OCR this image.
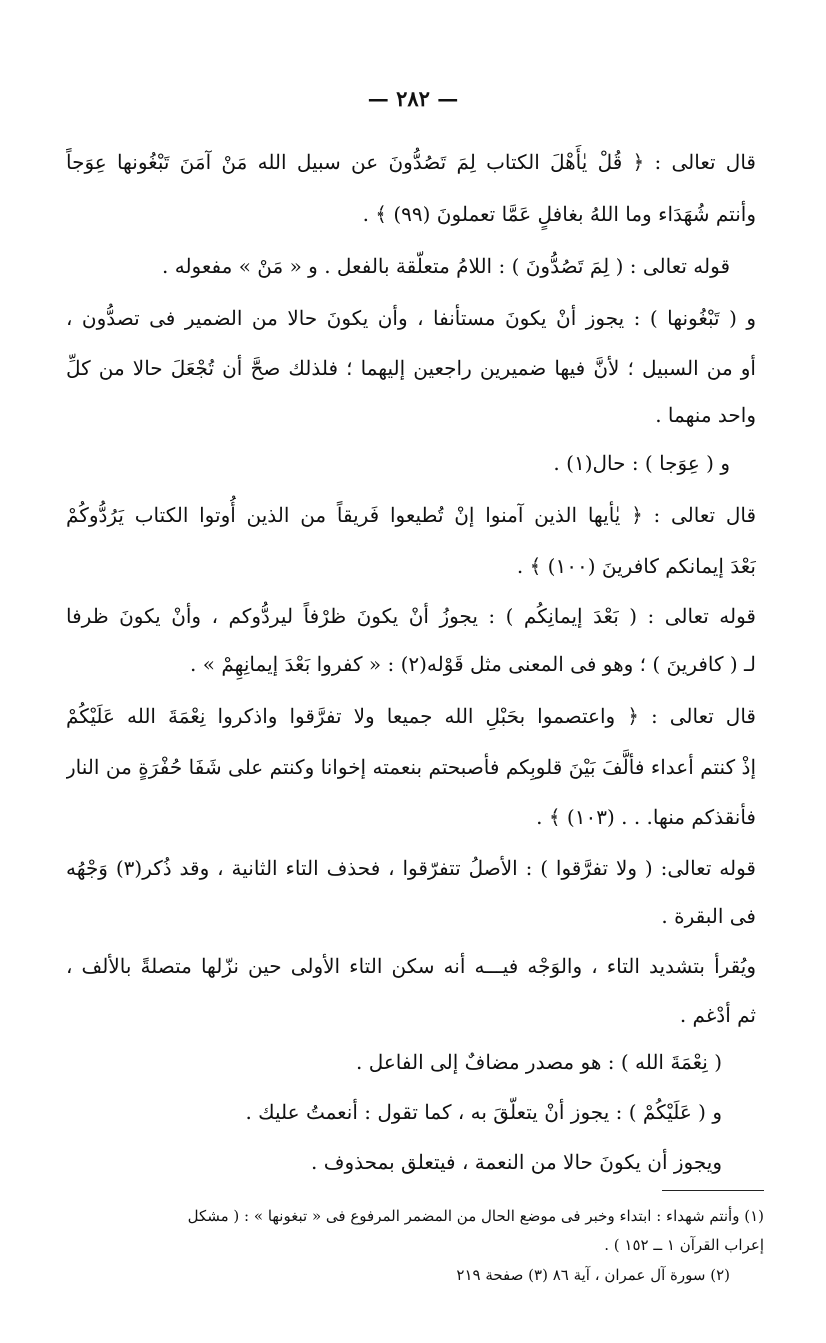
— ٢٨٢ —
قال تعالى : ﴿ قُلْ يٰأَهْلَ الكتاب لِمَ تَصُدُّونَ عن سبيل الله مَنْ آمَنَ تَبْغُونها عِوَجاً
وأنتم شُهَدَاء وما اللهُ بغافلٍ عَمَّا تعملونَ (٩٩) ﴾ .
قوله تعالى : ( لِمَ تَصُدُّونَ ) : اللامُ متعلّقة بالفعل . و « مَنْ » مفعوله .
و ( تَبْغُونها ) : يجوز أنْ يكونَ مستأنفا ، وأن يكونَ حالا من الضمير فى تصدُّون ،
أو من السبيل ؛ لأنَّ فيها ضميرين راجعين إليهما ؛ فلذلك صحَّ أن تُجْعَلَ حالا من كلِّ
واحد منهما .
و ( عِوَجا ) : حال(١) .
قال تعالى : ﴿ يٰأيها الذين آمنوا إنْ تُطيعوا فَريقاً من الذين أُوتوا الكتاب يَرُدُّوكُمْ
بَعْدَ إيمانكم كافرينَ (١٠٠) ﴾ .
قوله تعالى : ( بَعْدَ إيمانِكُم ) : يجوزُ أنْ يكونَ ظرْفاً ليردُّوكم ، وأنْ يكونَ ظرفا
لـ ( كافرينَ ) ؛ وهو فى المعنى مثل قَوْله(٢) : « كفروا بَعْدَ إيمانِهِمْ » .
قال تعالى : ﴿ واعتصموا بحَبْلِ الله جميعا ولا تفرَّقوا واذكروا نِعْمَةَ الله عَلَيْكُمْ
إذْ كنتم أعداء فألَّفَ بَيْنَ قلوبِكم فأصبحتم بنعمته إخوانا وكنتم على شَفَا حُفْرَةٍ من النار
فأنقذكم منها. . . (١٠٣) ﴾ .
قوله تعالى: ( ولا تفرَّقوا ) : الأصلُ تتفرّقوا ، فحذف التاء الثانية ، وقد ذُكر(٣) وَجْهُه
فى البقرة .
ويُقرأ بتشديد التاء ، والوَجْه فيـــه أنه سكن التاء الأولى حين نزّلها متصلةً بالألف ،
ثم أدْغم .
( نِعْمَةَ الله ) : هو مصدر مضافٌ إلى الفاعل .
و ( عَلَيْكُمْ ) : يجوز أنْ يتعلّقَ به ، كما تقول : أنعمتُ عليك .
ويجوز أن يكونَ حالا من النعمة ، فيتعلق بمحذوف .
(١) وأنتم شهداء : ابتداء وخبر فى موضع الحال من المضمر المرفوع فى « تبغونها » : ( مشكل
إعراب القرآن ١ ــ ١٥٢ ) .
(٢) سورة آل عمران ، آية ٨٦ (٣) صفحة ٢١٩
